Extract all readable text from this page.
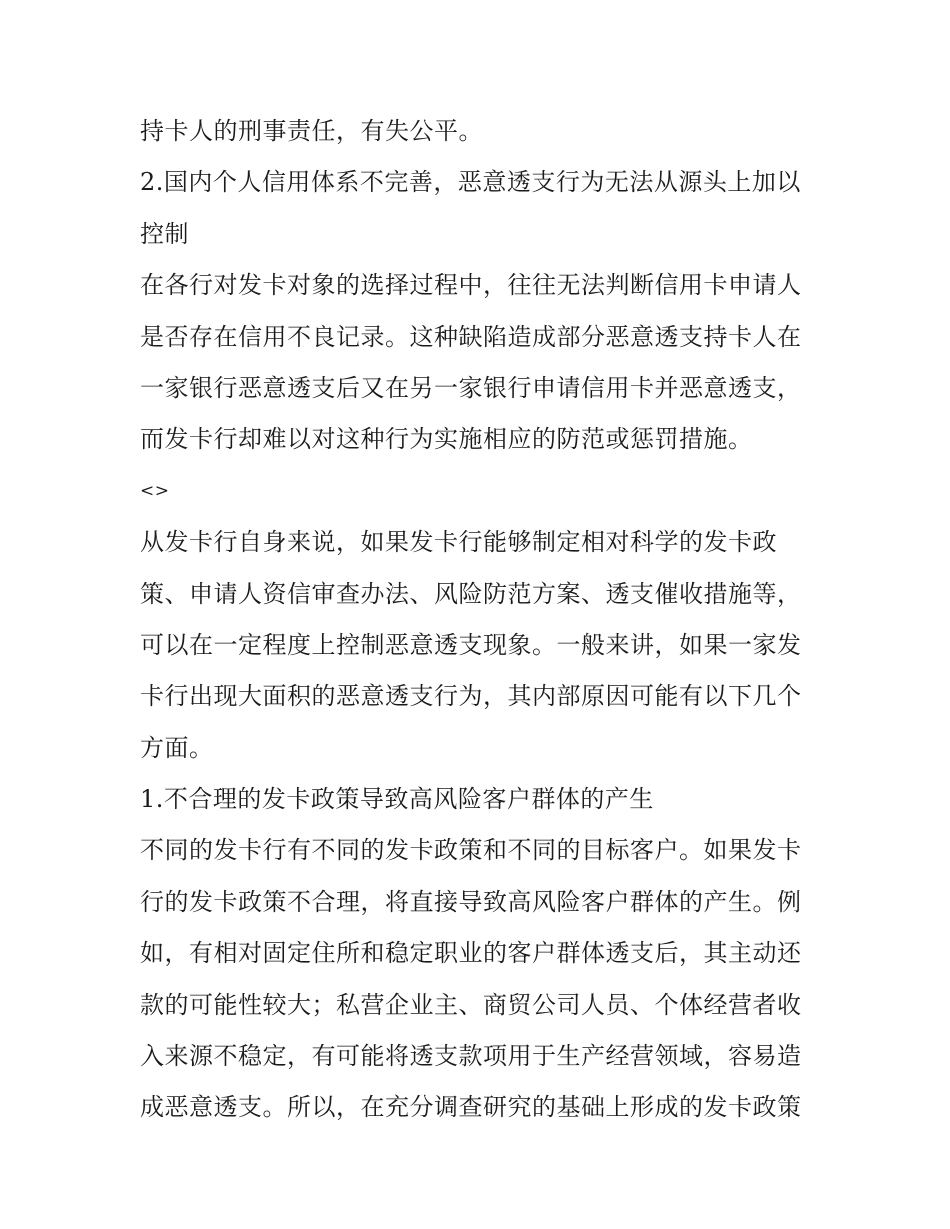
持卡人的刑事责任，有失公平。
2.国内个人信用体系不完善，恶意透支行为无法从源头上加以
控制
在各行对发卡对象的选择过程中，往往无法判断信用卡申请人
是否存在信用不良记录。这种缺陷造成部分恶意透支持卡人在
一家银行恶意透支后又在另一家银行申请信用卡并恶意透支，
而发卡行却难以对这种行为实施相应的防范或惩罚措施。
<>
从发卡行自身来说，如果发卡行能够制定相对科学的发卡政
策、申请人资信审查办法、风险防范方案、透支催收措施等，
可以在一定程度上控制恶意透支现象。一般来讲，如果一家发
卡行出现大面积的恶意透支行为，其内部原因可能有以下几个
方面。
1.不合理的发卡政策导致高风险客户群体的产生
不同的发卡行有不同的发卡政策和不同的目标客户。如果发卡
行的发卡政策不合理，将直接导致高风险客户群体的产生。例
如，有相对固定住所和稳定职业的客户群体透支后，其主动还
款的可能性较大；私营企业主、商贸公司人员、个体经营者收
入来源不稳定，有可能将透支款项用于生产经营领域，容易造
成恶意透支。所以，在充分调查研究的基础上形成的发卡政策
